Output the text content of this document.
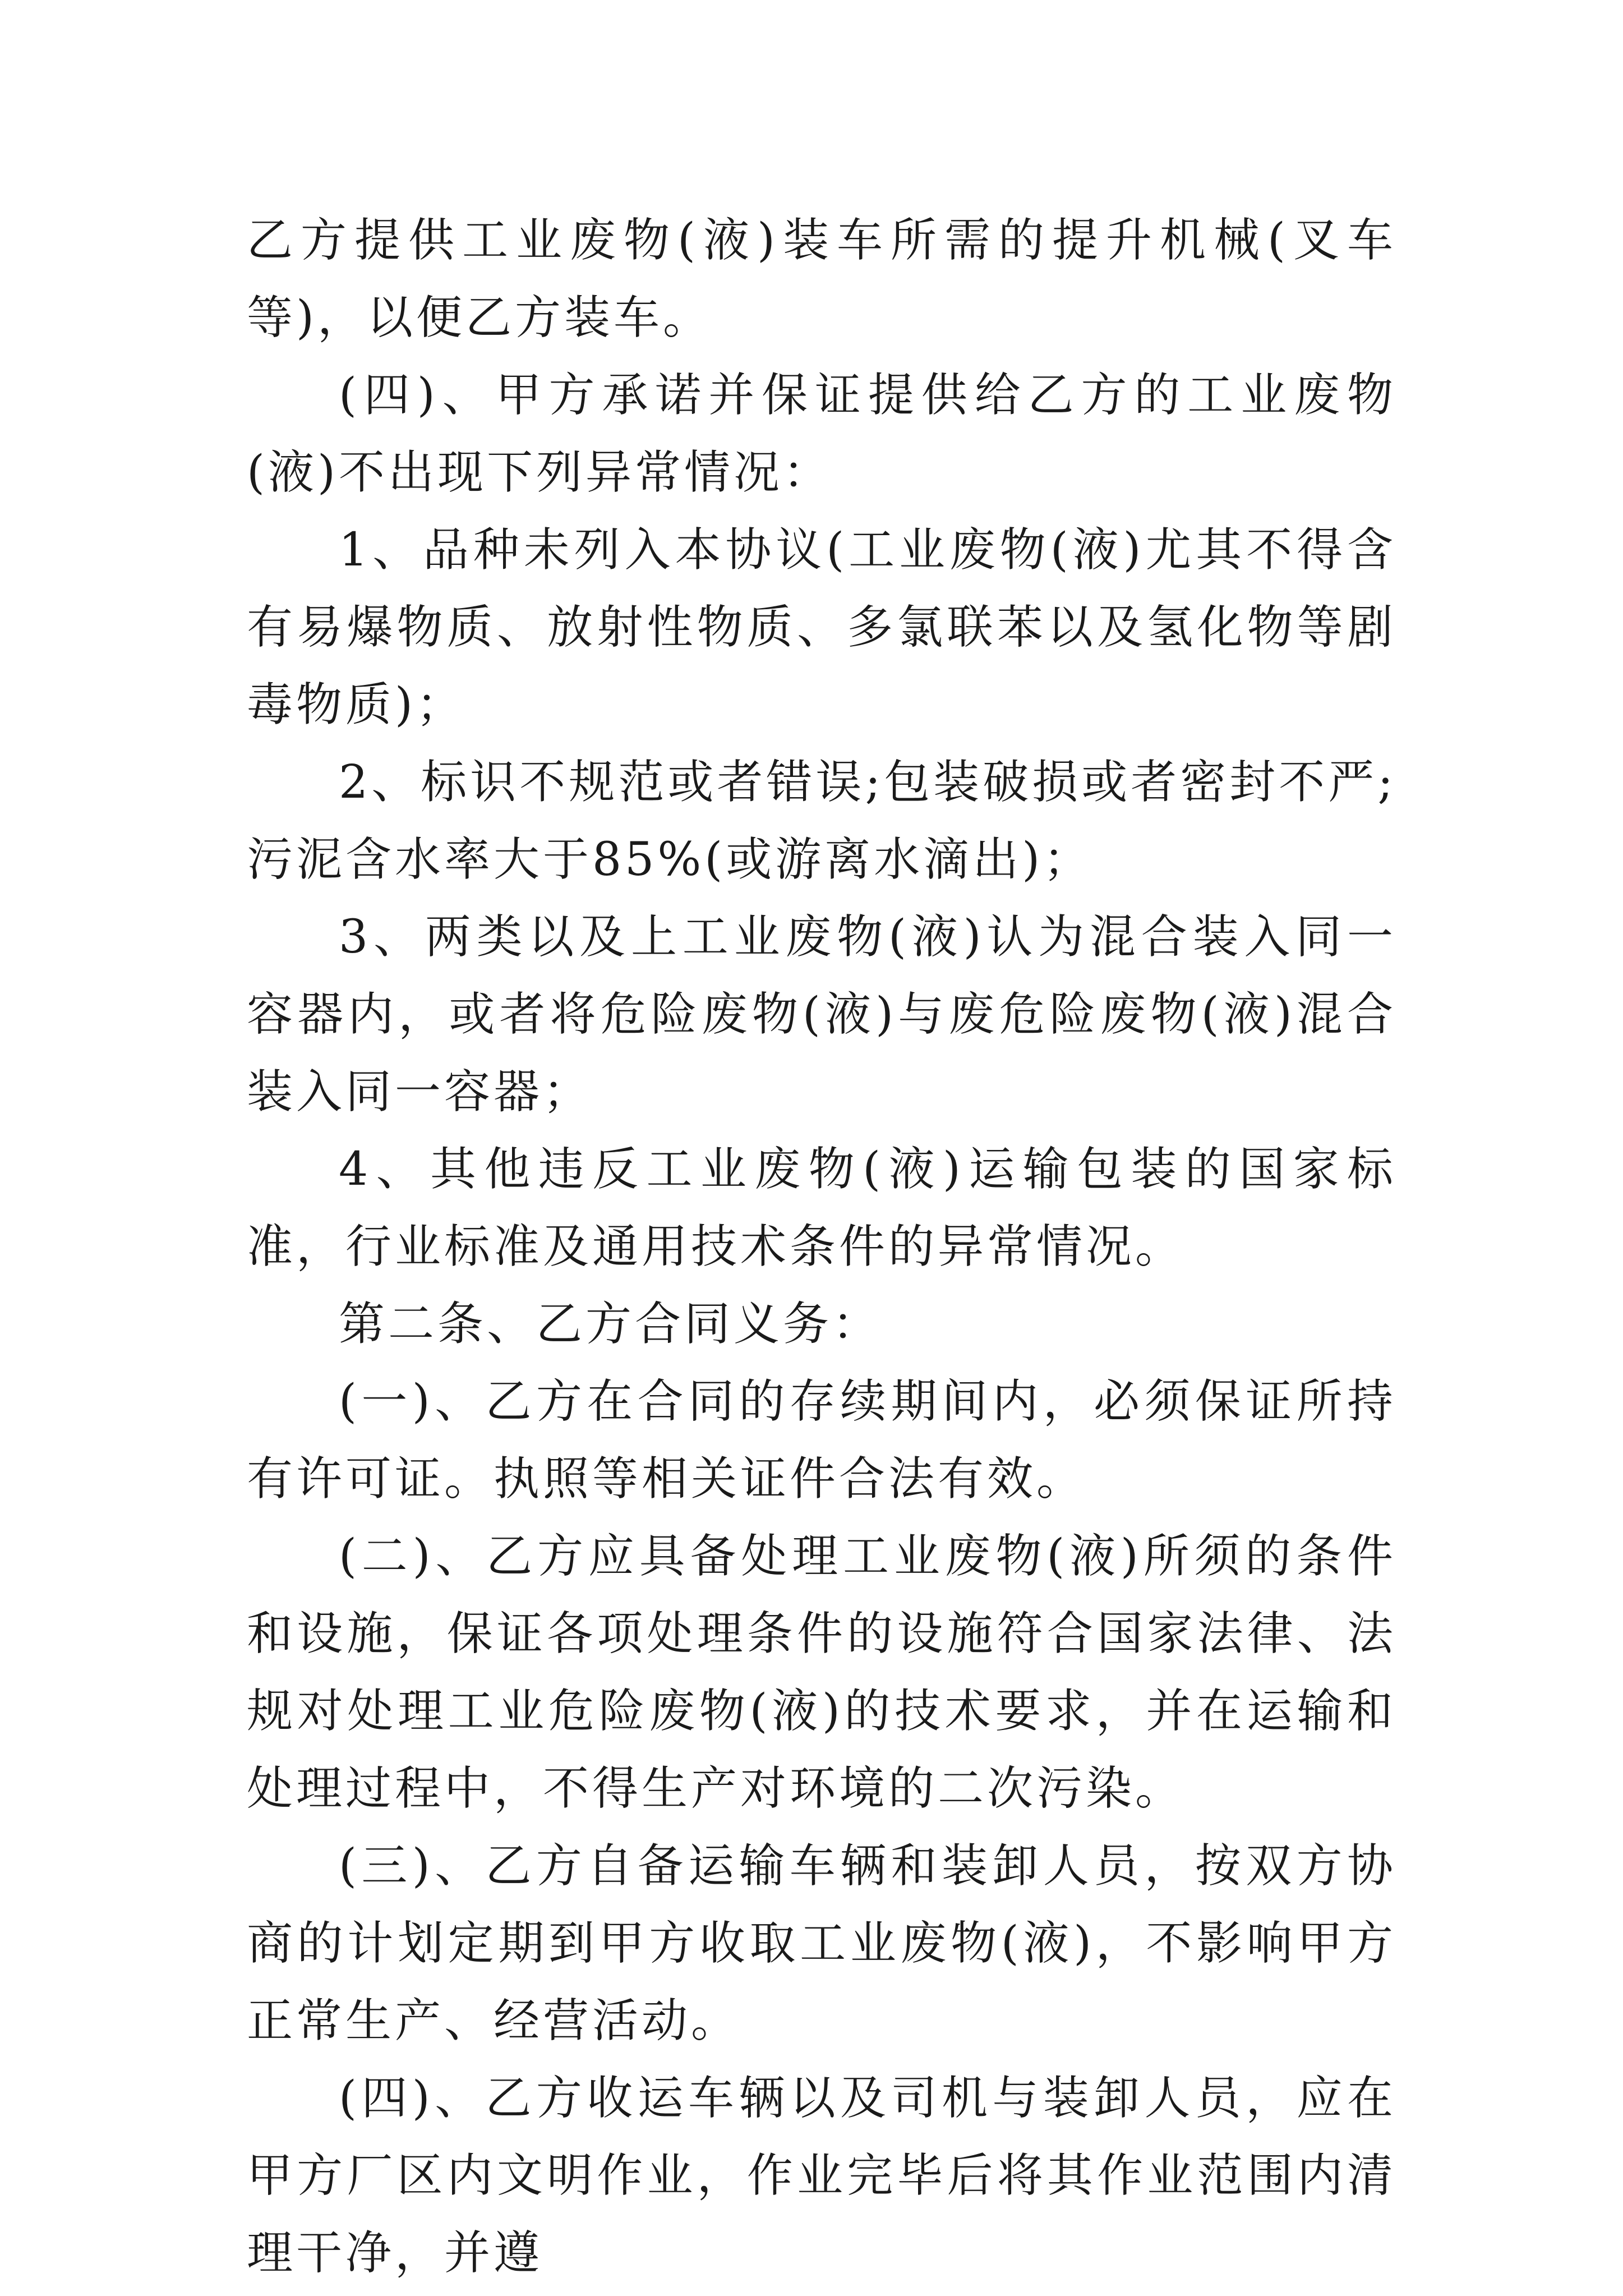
乙方提供工业废物(液)装车所需的提升机械(叉车等)，以便乙方装车。

(四)、甲方承诺并保证提供给乙方的工业废物(液)不出现下列异常情况：

1、品种未列入本协议(工业废物(液)尤其不得含有易爆物质、放射性物质、多氯联苯以及氢化物等剧毒物质)；

2、标识不规范或者错误;包装破损或者密封不严;污泥含水率大于85%(或游离水滴出)；

3、两类以及上工业废物(液)认为混合装入同一容器内，或者将危险废物(液)与废危险废物(液)混合装入同一容器；

4、其他违反工业废物(液)运输包装的国家标准，行业标准及通用技术条件的异常情况。

第二条、乙方合同义务：

(一)、乙方在合同的存续期间内，必须保证所持有许可证。执照等相关证件合法有效。

(二)、乙方应具备处理工业废物(液)所须的条件和设施，保证各项处理条件的设施符合国家法律、法规对处理工业危险废物(液)的技术要求，并在运输和处理过程中，不得生产对环境的二次污染。

(三)、乙方自备运输车辆和装卸人员，按双方协商的计划定期到甲方收取工业废物(液)，不影响甲方正常生产、经营活动。

(四)、乙方收运车辆以及司机与装卸人员，应在甲方厂区内文明作业，作业完毕后将其作业范围内清理干净，并遵
